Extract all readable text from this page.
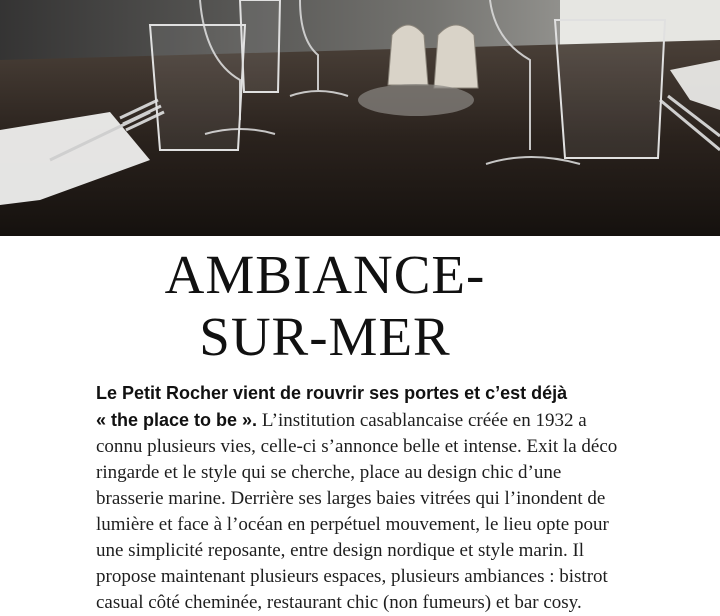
AMBIANCE-
SUR-MER

Le Petit Rocher vient de rouvrir ses portes et c’est déjà

« the place to be ». L’institution casablancaise créée en 1932 a

connu plusieurs vies, celle-ci s’annonce belle et intense. Exit la déco

ringarde et le style qui se cherche, place au design chic d’une

brasserie marine. Derrière ses larges baies vitrées qui l’inondent de

lumière et face à l’océan en perpétuel mouvement, le lieu opte pour

une simplicité reposante, entre design nordique et style marin. Il

propose maintenant plusieurs espaces, plusieurs ambiances : bistrot

casual côté cheminée, restaurant chic (non fumeurs) et bar cosy.
